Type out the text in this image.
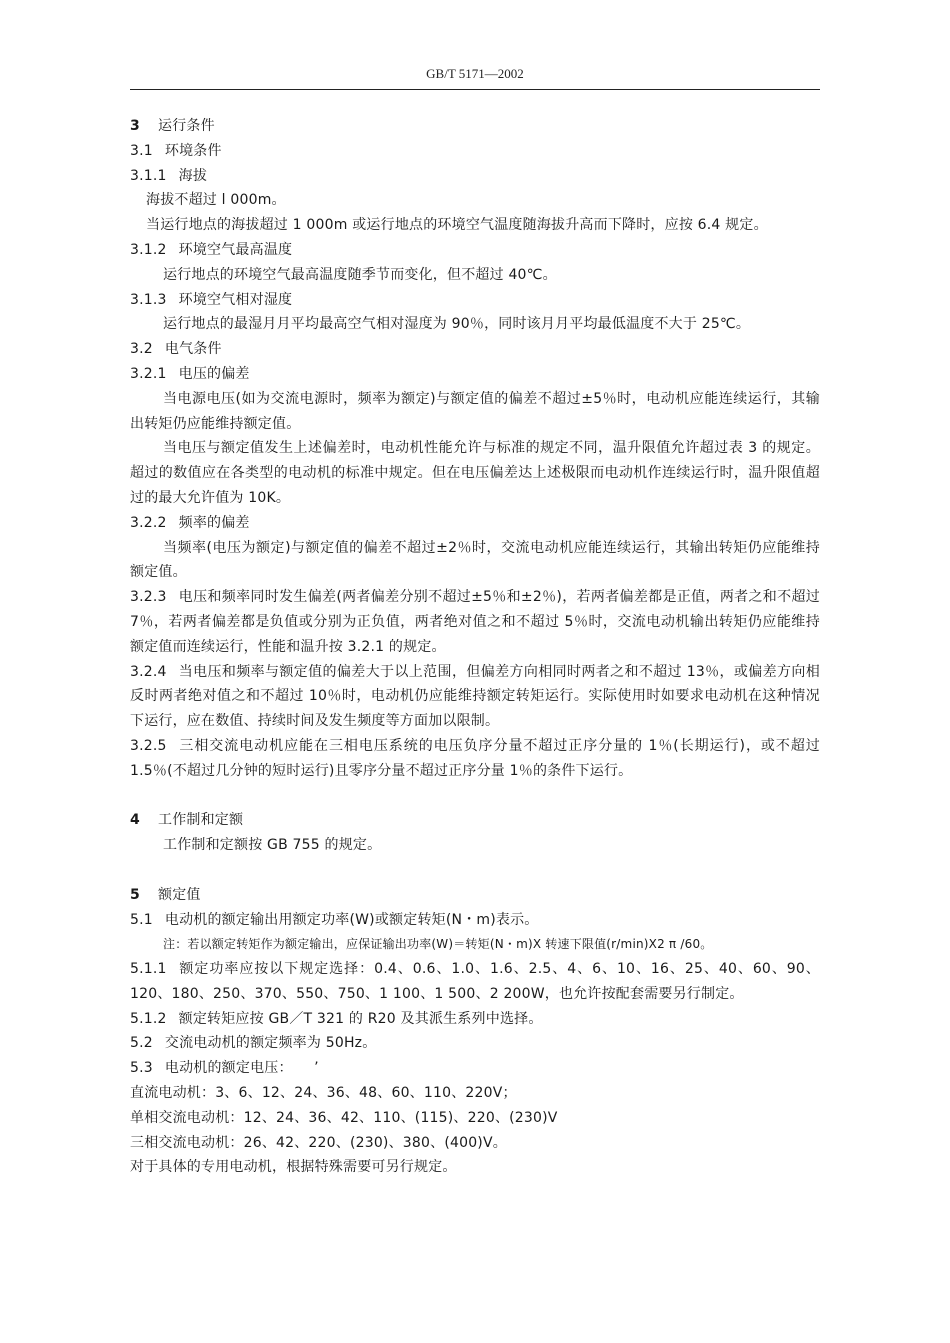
GB/T 5171—2002
3	运行条件
3.1 环境条件
3.1.1 海拔
海拔不超过 l 000m。
当运行地点的海拔超过 1 000m 或运行地点的环境空气温度随海拔升高而下降时，应按 6.4 规定。
3.1.2 环境空气最高温度
运行地点的环境空气最高温度随季节而变化，但不超过 40℃。
3.1.3 环境空气相对湿度
运行地点的最湿月月平均最高空气相对湿度为 90％，同时该月月平均最低温度不大于 25℃。
3.2 电气条件
3.2.1 电压的偏差
当电源电压(如为交流电源时，频率为额定)与额定值的偏差不超过±5％时，电动机应能连续运行，其输出转矩仍应能维持额定值。
当电压与额定值发生上述偏差时，电动机性能允许与标准的规定不同，温升限值允许超过表 3 的规定。超过的数值应在各类型的电动机的标准中规定。但在电压偏差达上述极限而电动机作连续运行时，温升限值超过的最大允许值为 10K。
3.2.2 频率的偏差
当频率(电压为额定)与额定值的偏差不超过±2％时，交流电动机应能连续运行，其输出转矩仍应能维持额定值。
3.2.3 电压和频率同时发生偏差(两者偏差分别不超过±5％和±2％)，若两者偏差都是正值，两者之和不超过 7％，若两者偏差都是负值或分别为正负值，两者绝对值之和不超过 5％时，交流电动机输出转矩仍应能维持额定值而连续运行，性能和温升按 3.2.1 的规定。
3.2.4 当电压和频率与额定值的偏差大于以上范围，但偏差方向相同时两者之和不超过 13％，或偏差方向相反时两者绝对值之和不超过 10％时，电动机仍应能维持额定转矩运行。实际使用时如要求电动机在这种情况下运行，应在数值、持续时间及发生频度等方面加以限制。
3.2.5 三相交流电动机应能在三相电压系统的电压负序分量不超过正序分量的 1％(长期运行)，或不超过 1.5％(不超过几分钟的短时运行)且零序分量不超过正序分量 1％的条件下运行。
4	工作制和定额
工作制和定额按 GB 755 的规定。
5	额定值
5.1 电动机的额定输出用额定功率(W)或额定转矩(N・m)表示。
注：若以额定转矩作为额定输出，应保证输出功率(W)＝转矩(N・m)X 转速下限值(r/min)X2 π /60。
5.1.1 额定功率应按以下规定选择：0.4、0.6、1.0、1.6、2.5、4、6、10、16、25、40、60、90、120、180、250、370、550、750、1 100、1 500、2 200W，也允许按配套需要另行制定。
5.1.2 额定转矩应按 GB／T 321 的 R20 及其派生系列中选择。
5.2 交流电动机的额定频率为 50Hz。
5.3 电动机的额定电压：　　’
直流电动机：3、6、12、24、36、48、60、110、220V；
单相交流电动机：12、24、36、42、110、(115)、220、(230)V
三相交流电动机：26、42、220、(230)、380、(400)V。
对于具体的专用电动机，根据特殊需要可另行规定。
